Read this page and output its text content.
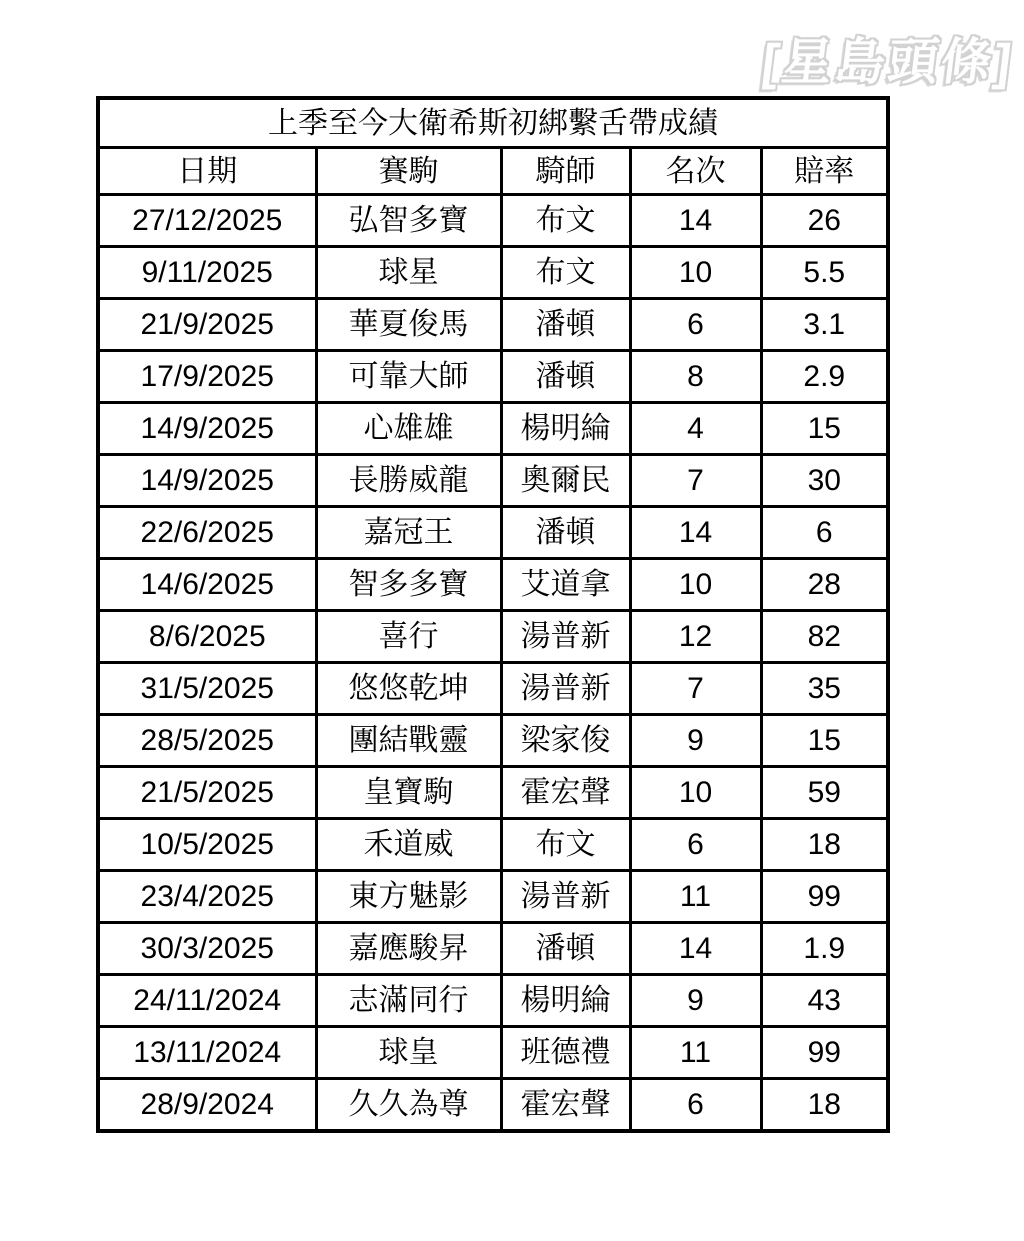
[星島頭條]
上季至今大衛希斯初綁繫舌帶成績				
日期	賽駒	騎師	名次	賠率
27/12/2025	弘智多寶	布文	14	26
9/11/2025	球星	布文	10	5.5
21/9/2025	華夏俊馬	潘頓	6	3.1
17/9/2025	可靠大師	潘頓	8	2.9
14/9/2025	心雄雄	楊明綸	4	15
14/9/2025	長勝威龍	奧爾民	7	30
22/6/2025	嘉冠王	潘頓	14	6
14/6/2025	智多多寶	艾道拿	10	28
8/6/2025	喜行	湯普新	12	82
31/5/2025	悠悠乾坤	湯普新	7	35
28/5/2025	團結戰靈	梁家俊	9	15
21/5/2025	皇寶駒	霍宏聲	10	59
10/5/2025	禾道威	布文	6	18
23/4/2025	東方魅影	湯普新	11	99
30/3/2025	嘉應駿昇	潘頓	14	1.9
24/11/2024	志滿同行	楊明綸	9	43
13/11/2024	球皇	班德禮	11	99
28/9/2024	久久為尊	霍宏聲	6	18
